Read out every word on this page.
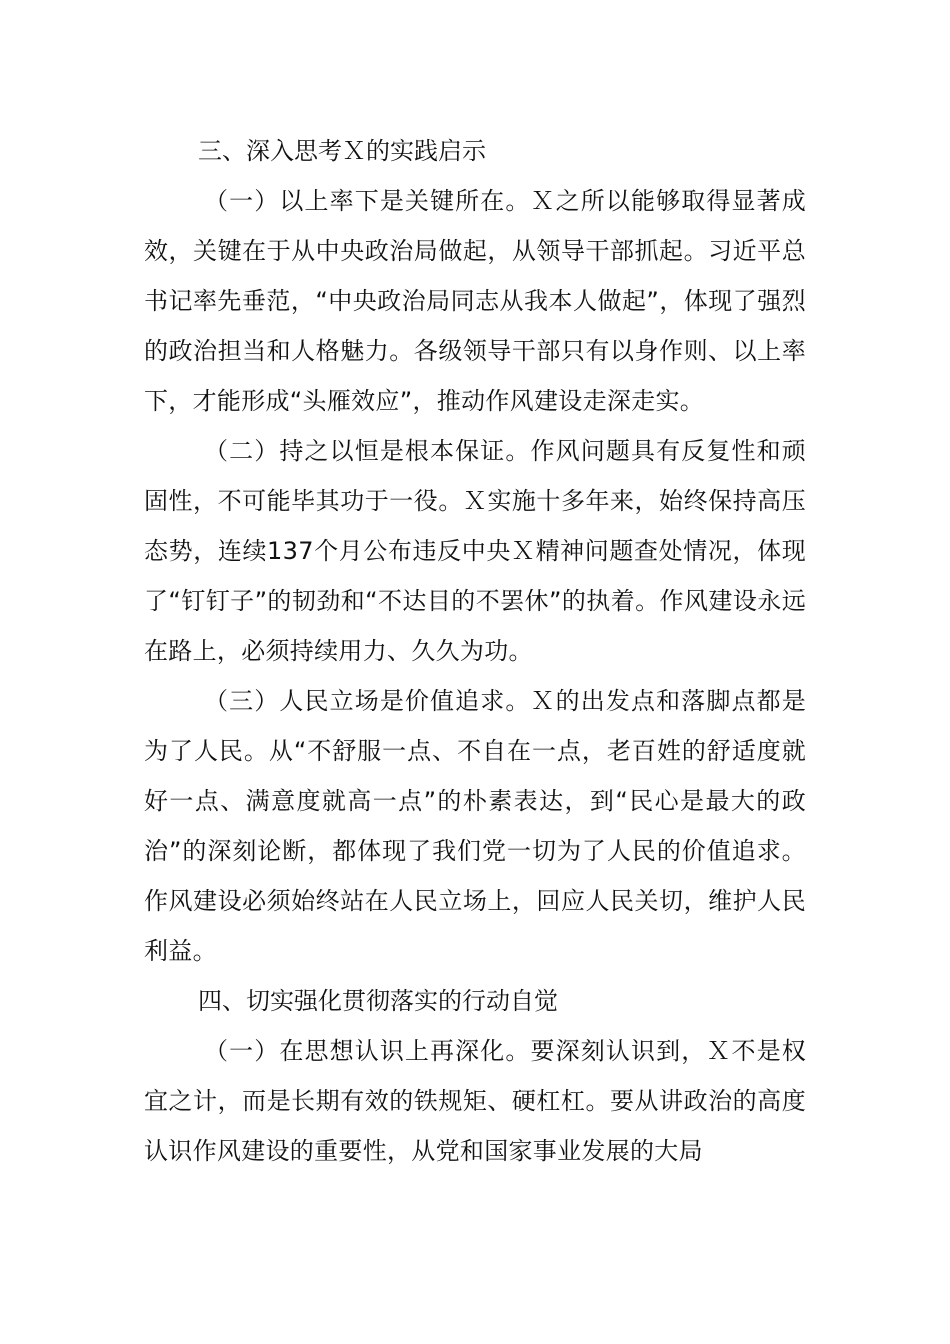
三、深入思考Ｘ的实践启示

（一）以上率下是关键所在。Ｘ之所以能够取得显著成效，关键在于从中央政治局做起，从领导干部抓起。习近平总书记率先垂范，“中央政治局同志从我本人做起”，体现了强烈的政治担当和人格魅力。各级领导干部只有以身作则、以上率下，才能形成“头雁效应”，推动作风建设走深走实。

（二）持之以恒是根本保证。作风问题具有反复性和顽固性，不可能毕其功于一役。Ｘ实施十多年来，始终保持高压态势，连续137个月公布违反中央Ｘ精神问题查处情况，体现了“钉钉子”的韧劲和“不达目的不罢休”的执着。作风建设永远在路上，必须持续用力、久久为功。

（三）人民立场是价值追求。Ｘ的出发点和落脚点都是为了人民。从“不舒服一点、不自在一点，老百姓的舒适度就好一点、满意度就高一点”的朴素表达，到“民心是最大的政治”的深刻论断，都体现了我们党一切为了人民的价值追求。作风建设必须始终站在人民立场上，回应人民关切，维护人民利益。

四、切实强化贯彻落实的行动自觉

（一）在思想认识上再深化。要深刻认识到，Ｘ不是权宜之计，而是长期有效的铁规矩、硬杠杠。要从讲政治的高度认识作风建设的重要性，从党和国家事业发展的大局
